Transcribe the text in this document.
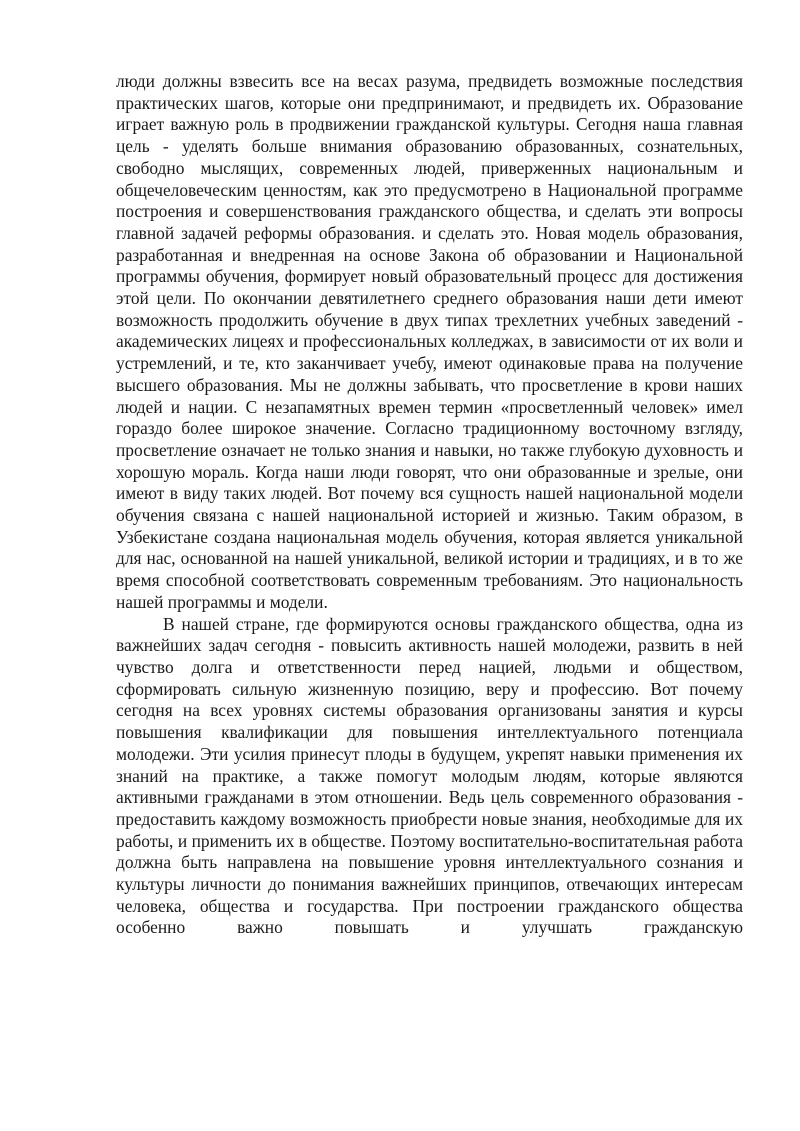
люди должны взвесить все на весах разума, предвидеть возможные последствия практических шагов, которые они предпринимают, и предвидеть их. Образование играет важную роль в продвижении гражданской культуры. Сегодня наша главная цель - уделять больше внимания образованию образованных, сознательных, свободно мыслящих, современных людей, приверженных национальным и общечеловеческим ценностям, как это предусмотрено в Национальной программе построения и совершенствования гражданского общества, и сделать эти вопросы главной задачей реформы образования. и сделать это. Новая модель образования, разработанная и внедренная на основе Закона об образовании и Национальной программы обучения, формирует новый образовательный процесс для достижения этой цели. По окончании девятилетнего среднего образования наши дети имеют возможность продолжить обучение в двух типах трехлетних учебных заведений - академических лицеях и профессиональных колледжах, в зависимости от их воли и устремлений, и те, кто заканчивает учебу, имеют одинаковые права на получение высшего образования. Мы не должны забывать, что просветление в крови наших людей и нации. С незапамятных времен термин «просветленный человек» имел гораздо более широкое значение. Согласно традиционному восточному взгляду, просветление означает не только знания и навыки, но также глубокую духовность и хорошую мораль. Когда наши люди говорят, что они образованные и зрелые, они имеют в виду таких людей. Вот почему вся сущность нашей национальной модели обучения связана с нашей национальной историей и жизнью. Таким образом, в Узбекистане создана национальная модель обучения, которая является уникальной для нас, основанной на нашей уникальной, великой истории и традициях, и в то же время способной соответствовать современным требованиям. Это национальность нашей программы и модели.

В нашей стране, где формируются основы гражданского общества, одна из важнейших задач сегодня - повысить активность нашей молодежи, развить в ней чувство долга и ответственности перед нацией, людьми и обществом, сформировать сильную жизненную позицию, веру и профессию. Вот почему сегодня на всех уровнях системы образования организованы занятия и курсы повышения квалификации для повышения интеллектуального потенциала молодежи. Эти усилия принесут плоды в будущем, укрепят навыки применения их знаний на практике, а также помогут молодым людям, которые являются активными гражданами в этом отношении. Ведь цель современного образования - предоставить каждому возможность приобрести новые знания, необходимые для их работы, и применить их в обществе. Поэтому воспитательно-воспитательная работа должна быть направлена на повышение уровня интеллектуального сознания и культуры личности до понимания важнейших принципов, отвечающих интересам человека, общества и государства. При построении гражданского общества особенно важно повышать и улучшать гражданскую
